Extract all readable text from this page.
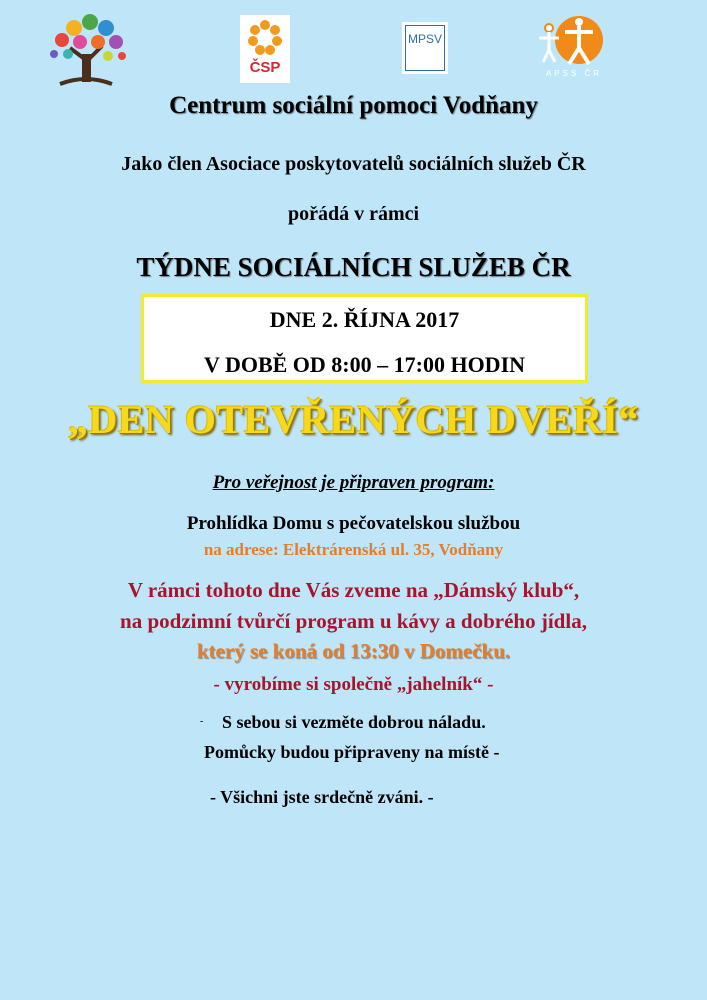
ČSP
MPSV
APSS ČR
Centrum sociální pomoci Vodňany
Jako člen Asociace poskytovatelů sociálních služeb ČR
pořádá v rámci
TÝDNE SOCIÁLNÍCH SLUŽEB ČR
DNE 2. ŘÍJNA 2017
V DOBĚ OD 8:00 – 17:00 HODIN
„DEN OTEVŘENÝCH DVEŘÍ“
Pro veřejnost je připraven program:
Prohlídka Domu s pečovatelskou službou
na adrese: Elektrárenská ul. 35, Vodňany
V rámci tohoto dne Vás zveme na „Dámský klub“,
na podzimní tvůrčí program u kávy a dobrého jídla,
který se koná od 13:30 v Domečku.
- vyrobíme si společně „jahelník“ -
- S sebou si vezměte dobrou náladu.
Pomůcky budou připraveny na místě -
- Všichni jste srdečně zváni. -
